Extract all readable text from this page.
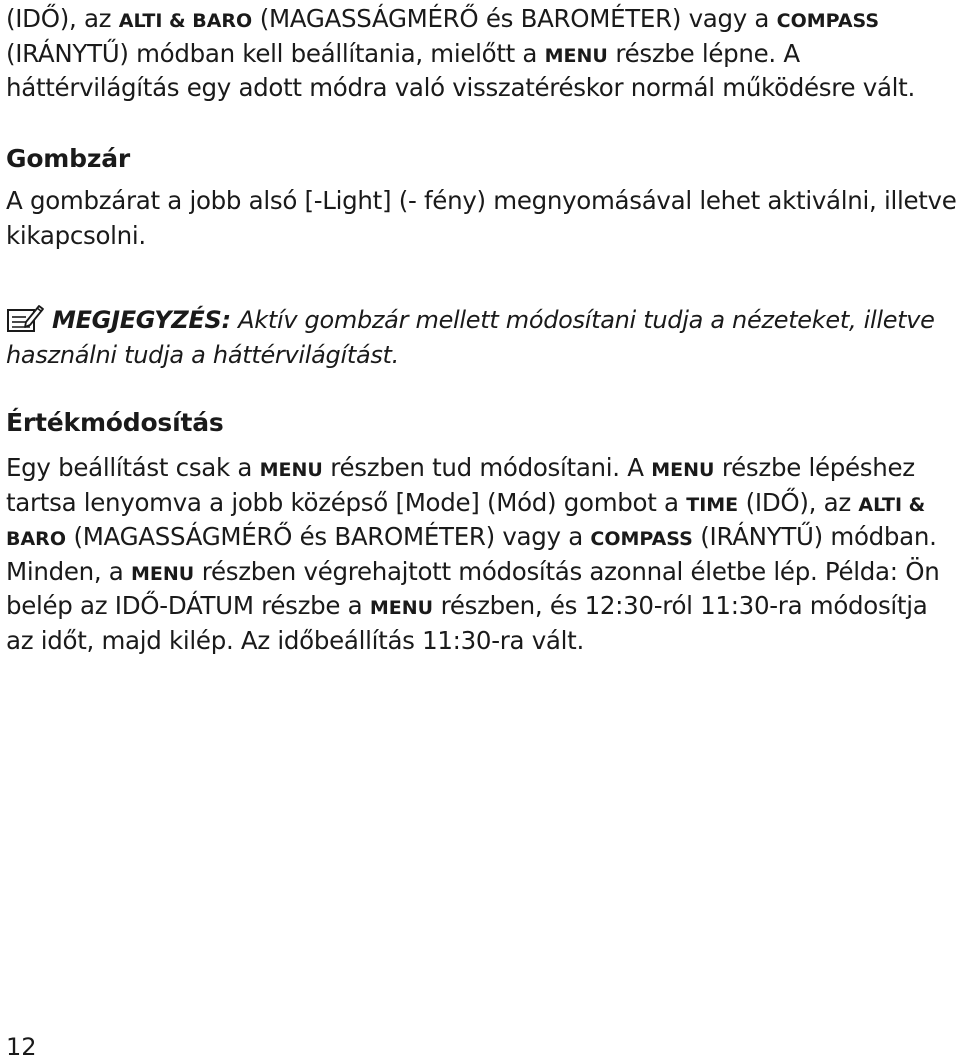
(IDŐ), az ALTI & BARO (MAGASSÁGMÉRŐ és BAROMÉTER) vagy a COMPASS
(IRÁNYTŰ) módban kell beállítania, mielőtt a MENU részbe lépne. A
háttérvilágítás egy adott módra való visszatéréskor normál működésre vált.

Gombzár

A gombzárat a jobb alsó [-Light] (- fény) megnyomásával lehet aktiválni, illetve
kikapcsolni.

MEGJEGYZÉS: Aktív gombzár mellett módosítani tudja a nézeteket, illetve
használni tudja a háttérvilágítást.
Értékmódosítás

Egy beállítást csak a MENU részben tud módosítani. A MENU részbe lépéshez
tartsa lenyomva a jobb középső [Mode] (Mód) gombot a TIME (IDŐ), az ALTI &
BARO (MAGASSÁGMÉRŐ és BAROMÉTER) vagy a COMPASS (IRÁNYTŰ) módban.
Minden, a MENU részben végrehajtott módosítás azonnal életbe lép. Példa: Ön
belép az IDŐ-DÁTUM részbe a MENU részben, és 12:30-ról 11:30-ra módosítja
az időt, majd kilép. Az időbeállítás 11:30-ra vált.

12
